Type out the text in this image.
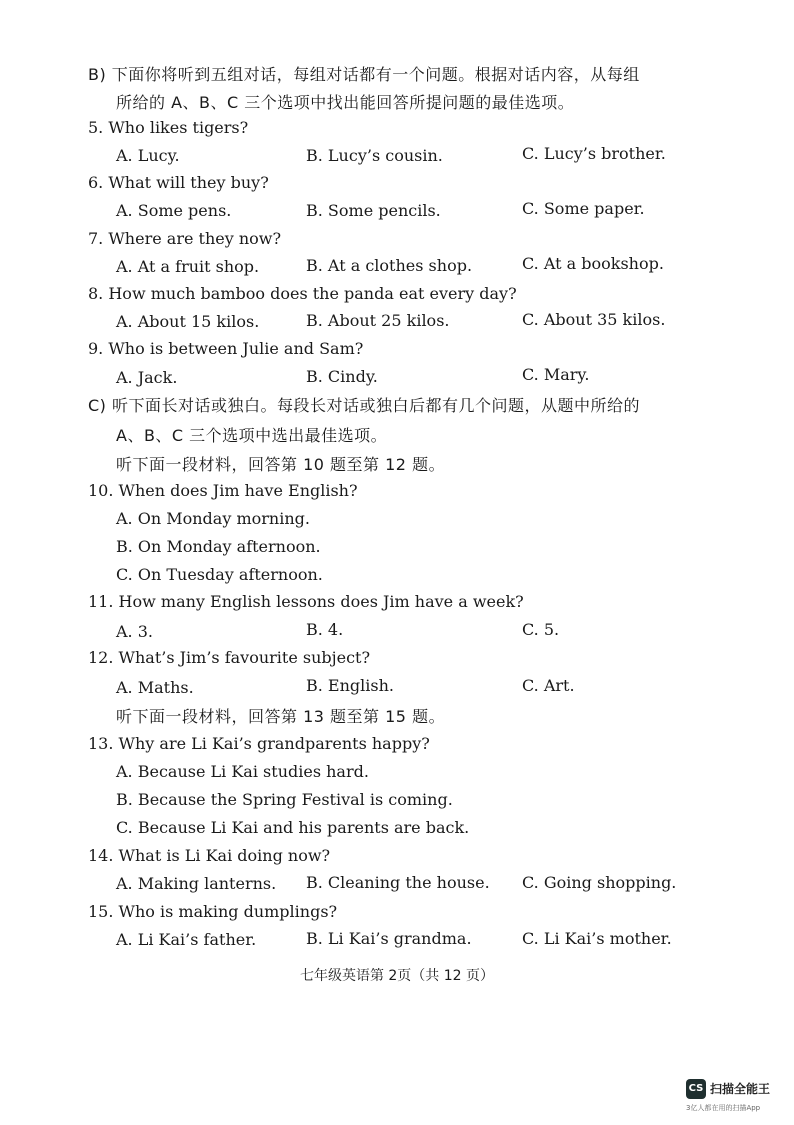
B) 下面你将听到五组对话，每组对话都有一个问题。根据对话内容，从每组
所给的 A、B、C 三个选项中找出能回答所提问题的最佳选项。
5. Who likes tigers?
A. Lucy.	B. Lucy’s cousin.	C. Lucy’s brother.
6. What will they buy?
A. Some pens.	B. Some pencils.	C. Some paper.
7. Where are they now?
A. At a fruit shop.	B. At a clothes shop.	C. At a bookshop.
8. How much bamboo does the panda eat every day?
A. About 15 kilos.	B. About 25 kilos.	C. About 35 kilos.
9. Who is between Julie and Sam?
A. Jack.	B. Cindy.	C. Mary.
C) 听下面长对话或独白。每段长对话或独白后都有几个问题，从题中所给的
A、B、C 三个选项中选出最佳选项。
听下面一段材料，回答第 10 题至第 12 题。
10. When does Jim have English?
A. On Monday morning.
B. On Monday afternoon.
C. On Tuesday afternoon.
11. How many English lessons does Jim have a week?
A. 3.	B. 4.	C. 5.
12. What’s Jim’s favourite subject?
A. Maths.	B. English.	C. Art.
听下面一段材料，回答第 13 题至第 15 题。
13. Why are Li Kai’s grandparents happy?
A. Because Li Kai studies hard.
B. Because the Spring Festival is coming.
C. Because Li Kai and his parents are back.
14. What is Li Kai doing now?
A. Making lanterns. B. Cleaning the house. C. Going shopping.
15. Who is making dumplings?
A. Li Kai’s father.	B. Li Kai’s grandma.	C. Li Kai’s mother.
七年级英语第 2页（共 12 页）
CS 扫描全能王
3亿人都在用的扫描App
